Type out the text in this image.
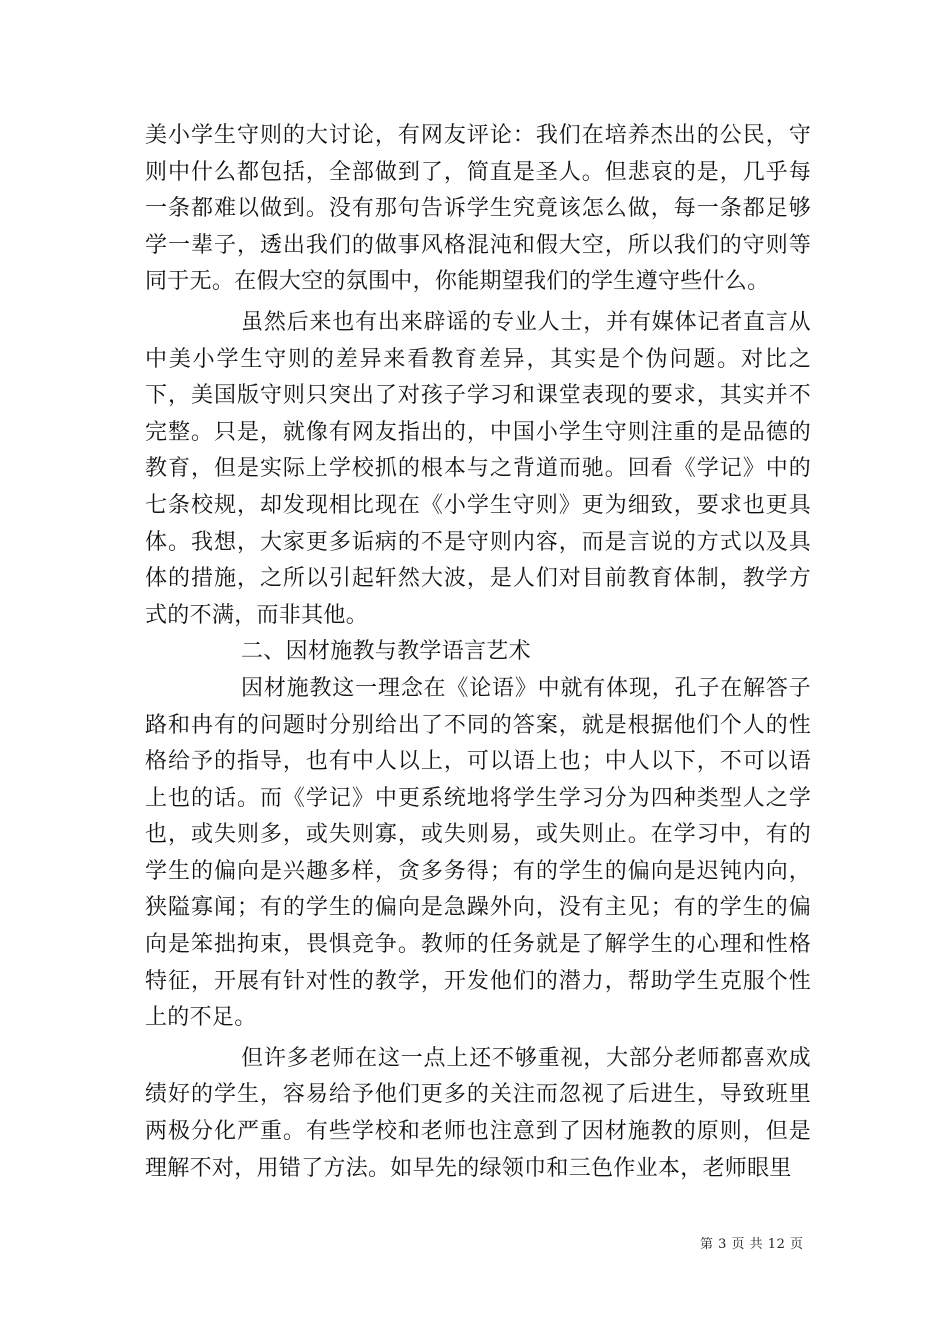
美小学生守则的大讨论，有网友评论：我们在培养杰出的公民，守则中什么都包括，全部做到了，简直是圣人。但悲哀的是，几乎每一条都难以做到。没有那句告诉学生究竟该怎么做，每一条都足够学一辈子，透出我们的做事风格混沌和假大空，所以我们的守则等同于无。在假大空的氛围中，你能期望我们的学生遵守些什么。

虽然后来也有出来辟谣的专业人士，并有媒体记者直言从中美小学生守则的差异来看教育差异，其实是个伪问题。对比之下，美国版守则只突出了对孩子学习和课堂表现的要求，其实并不完整。只是，就像有网友指出的，中国小学生守则注重的是品德的教育，但是实际上学校抓的根本与之背道而驰。回看《学记》中的七条校规，却发现相比现在《小学生守则》更为细致，要求也更具体。我想，大家更多诟病的不是守则内容，而是言说的方式以及具体的措施，之所以引起轩然大波，是人们对目前教育体制，教学方式的不满，而非其他。

二、因材施教与教学语言艺术

因材施教这一理念在《论语》中就有体现，孔子在解答子路和冉有的问题时分别给出了不同的答案，就是根据他们个人的性格给予的指导，也有中人以上，可以语上也；中人以下，不可以语上也的话。而《学记》中更系统地将学生学习分为四种类型人之学也，或失则多，或失则寡，或失则易，或失则止。在学习中，有的学生的偏向是兴趣多样，贪多务得；有的学生的偏向是迟钝内向，狭隘寡闻；有的学生的偏向是急躁外向，没有主见；有的学生的偏向是笨拙拘束，畏惧竞争。教师的任务就是了解学生的心理和性格特征，开展有针对性的教学，开发他们的潜力，帮助学生克服个性上的不足。

但许多老师在这一点上还不够重视，大部分老师都喜欢成绩好的学生，容易给予他们更多的关注而忽视了后进生，导致班里两极分化严重。有些学校和老师也注意到了因材施教的原则，但是理解不对，用错了方法。如早先的绿领巾和三色作业本，老师眼里

第 3 页 共 12 页
